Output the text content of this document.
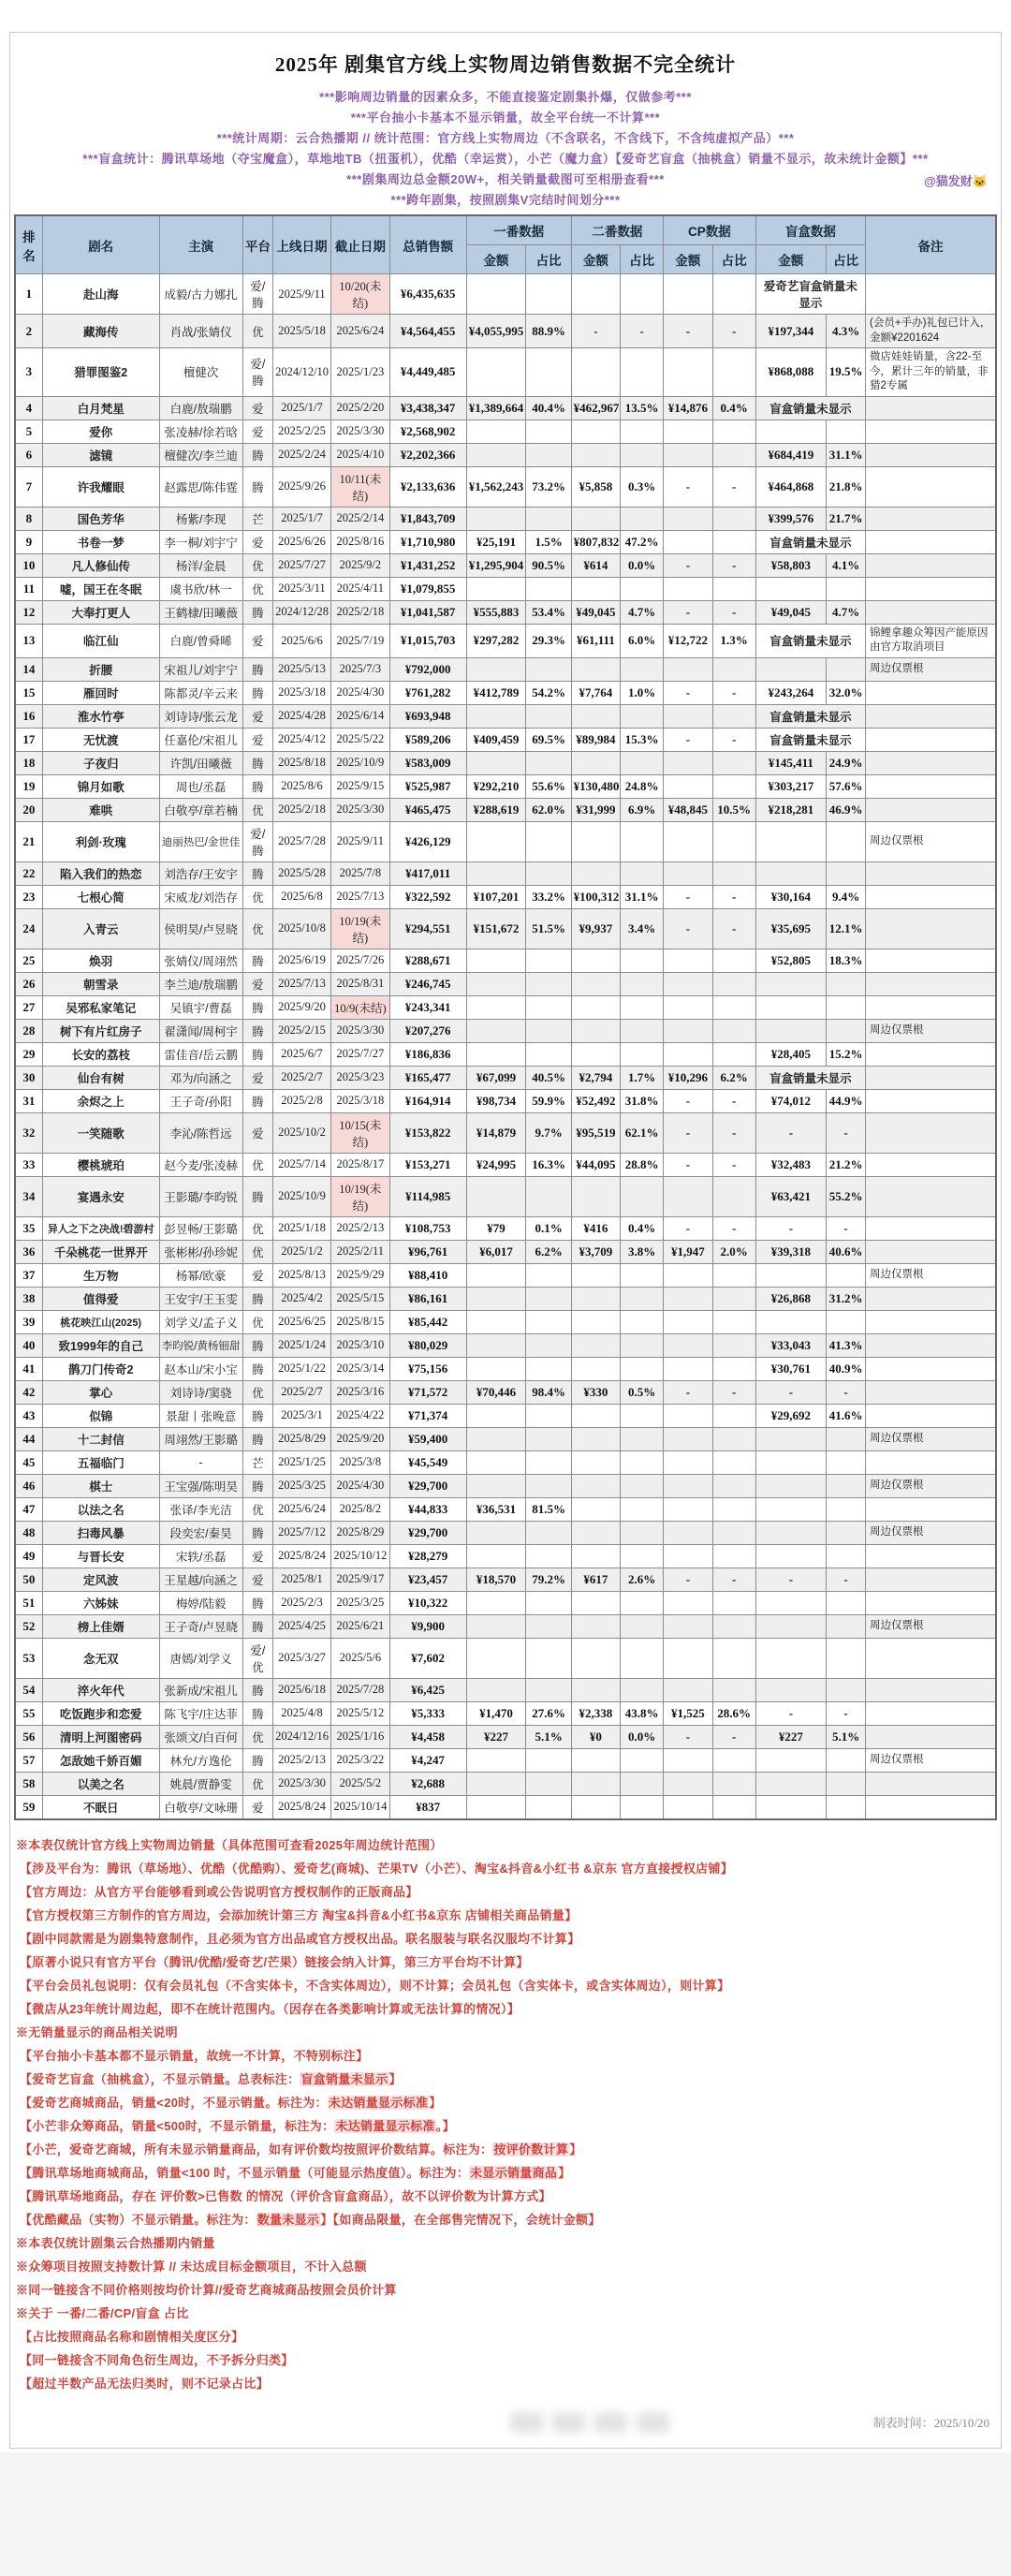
2025年 剧集官方线上实物周边销售数据不完全统计
***影响周边销量的因素众多，不能直接鉴定剧集扑爆，仅做参考***
***平台抽小卡基本不显示销量，故全平台统一不计算***
***统计周期：云合热播期 // 统计范围：官方线上实物周边（不含联名，不含线下，不含纯虚拟产品）***
***盲盒统计：腾讯草场地（夺宝魔盒），草地地TB（扭蛋机），优酷（幸运赏），小芒（魔力盒）【爱奇艺盲盒（抽桃盒）销量不显示，故未统计金额】***
***剧集周边总金额20W+，相关销量截图可至相册查看***
***跨年剧集，按照剧集V完结时间划分***
@猫发财🐱
排名	剧名	主演	平台	上线日期	截止日期	总销售额	一番数据		二番数据		CP数据		盲盒数据		备注
							金额	占比	金额	占比	金额	占比	金额	占比	
1	赴山海	成毅/古力娜扎	爱/腾	2025/9/11	10/20(未结)	¥6,435,635							爱奇艺盲盒销量未显示		
2	藏海传	肖战/张婧仪	优	2025/5/18	2025/6/24	¥4,564,455	¥4,055,995	88.9%	-	-	-	-	¥197,344	4.3%	(会员+手办)礼包已计入，金额¥2201624
3	猎罪图鉴2	檀健次	爱/腾	2024/12/10	2025/1/23	¥4,449,485							¥868,088	19.5%	微店娃娃销量，含22-至今，累计三年的销量，非猎2专属
4	白月梵星	白鹿/敖瑞鹏	爱	2025/1/7	2025/2/20	¥3,438,347	¥1,389,664	40.4%	¥462,967	13.5%	¥14,876	0.4%	盲盒销量未显示		
5	爱你	张凌赫/徐若晗	爱	2025/2/25	2025/3/30	¥2,568,902									
6	滤镜	檀健次/李兰迪	腾	2025/2/24	2025/4/10	¥2,202,366							¥684,419	31.1%	
7	许我耀眼	赵露思/陈伟霆	腾	2025/9/26	10/11(未结)	¥2,133,636	¥1,562,243	73.2%	¥5,858	0.3%	-	-	¥464,868	21.8%	
8	国色芳华	杨紫/李现	芒	2025/1/7	2025/2/14	¥1,843,709							¥399,576	21.7%	
9	书卷一梦	李一桐/刘宇宁	爱	2025/6/26	2025/8/16	¥1,710,980	¥25,191	1.5%	¥807,832	47.2%			盲盒销量未显示		
10	凡人修仙传	杨洋/金晨	优	2025/7/27	2025/9/2	¥1,431,252	¥1,295,904	90.5%	¥614	0.0%	-	-	¥58,803	4.1%	
11	嘘，国王在冬眠	虞书欣/林一	优	2025/3/11	2025/4/11	¥1,079,855									
12	大奉打更人	王鹤棣/田曦薇	腾	2024/12/28	2025/2/18	¥1,041,587	¥555,883	53.4%	¥49,045	4.7%	-	-	¥49,045	4.7%	
13	临江仙	白鹿/曾舜晞	爱	2025/6/6	2025/7/19	¥1,015,703	¥297,282	29.3%	¥61,111	6.0%	¥12,722	1.3%	盲盒销量未显示		锦鲤拿趣众筹因产能原因由官方取消项目
14	折腰	宋祖儿/刘宇宁	腾	2025/5/13	2025/7/3	¥792,000									周边仅票根
15	雁回时	陈都灵/辛云来	腾	2025/3/18	2025/4/30	¥761,282	¥412,789	54.2%	¥7,764	1.0%	-	-	¥243,264	32.0%	
16	淮水竹亭	刘诗诗/张云龙	爱	2025/4/28	2025/6/14	¥693,948							盲盒销量未显示		
17	无忧渡	任嘉伦/宋祖儿	爱	2025/4/12	2025/5/22	¥589,206	¥409,459	69.5%	¥89,984	15.3%	-	-	盲盒销量未显示		
18	子夜归	许凯/田曦薇	腾	2025/8/18	2025/10/9	¥583,009							¥145,411	24.9%	
19	锦月如歌	周也/丞磊	腾	2025/8/6	2025/9/15	¥525,987	¥292,210	55.6%	¥130,480	24.8%			¥303,217	57.6%	
20	难哄	白敬亭/章若楠	优	2025/2/18	2025/3/30	¥465,475	¥288,619	62.0%	¥31,999	6.9%	¥48,845	10.5%	¥218,281	46.9%	
21	利剑·玫瑰	迪丽热巴/金世佳	爱/腾	2025/7/28	2025/9/11	¥426,129									周边仅票根
22	陷入我们的热恋	刘浩存/王安宇	腾	2025/5/28	2025/7/8	¥417,011									
23	七根心简	宋威龙/刘浩存	优	2025/6/8	2025/7/13	¥322,592	¥107,201	33.2%	¥100,312	31.1%	-	-	¥30,164	9.4%	
24	入青云	侯明昊/卢昱晓	优	2025/10/8	10/19(未结)	¥294,551	¥151,672	51.5%	¥9,937	3.4%	-	-	¥35,695	12.1%	
25	焕羽	张婧仪/周翊然	腾	2025/6/19	2025/7/26	¥288,671							¥52,805	18.3%	
26	朝雪录	李兰迪/敖瑞鹏	爱	2025/7/13	2025/8/31	¥246,745									
27	吴邪私家笔记	吴镇宇/曹磊	腾	2025/9/20	10/9(未结)	¥243,341									
28	树下有片红房子	翟潇闻/周柯宇	腾	2025/2/15	2025/3/30	¥207,276									周边仅票根
29	长安的荔枝	雷佳音/岳云鹏	腾	2025/6/7	2025/7/27	¥186,836							¥28,405	15.2%	
30	仙台有树	邓为/向涵之	爱	2025/2/7	2025/3/23	¥165,477	¥67,099	40.5%	¥2,794	1.7%	¥10,296	6.2%	盲盒销量未显示		
31	余烬之上	王子奇/孙阳	腾	2025/2/8	2025/3/18	¥164,914	¥98,734	59.9%	¥52,492	31.8%	-	-	¥74,012	44.9%	
32	一笑随歌	李沁/陈哲远	爱	2025/10/2	10/15(未结)	¥153,822	¥14,879	9.7%	¥95,519	62.1%	-	-	-	-	
33	樱桃琥珀	赵今麦/张凌赫	优	2025/7/14	2025/8/17	¥153,271	¥24,995	16.3%	¥44,095	28.8%	-	-	¥32,483	21.2%	
34	宴遇永安	王影璐/李昀锐	腾	2025/10/9	10/19(未结)	¥114,985							¥63,421	55.2%	
35	异人之下之决战!碧游村	彭昱畅/王影璐	优	2025/1/18	2025/2/13	¥108,753	¥79	0.1%	¥416	0.4%	-	-	-	-	
36	千朵桃花一世界开	张彬彬/孙珍妮	优	2025/1/2	2025/2/11	¥96,761	¥6,017	6.2%	¥3,709	3.8%	¥1,947	2.0%	¥39,318	40.6%	
37	生万物	杨幂/欧豪	爱	2025/8/13	2025/9/29	¥88,410									周边仅票根
38	值得爱	王安宇/王玉雯	腾	2025/4/2	2025/5/15	¥86,161							¥26,868	31.2%	
39	桃花映江山(2025)	刘学义/孟子义	优	2025/6/25	2025/8/15	¥85,442									
40	致1999年的自己	李昀锐/黄杨钿甜	腾	2025/1/24	2025/3/10	¥80,029							¥33,043	41.3%	
41	鹊刀门传奇2	赵本山/宋小宝	腾	2025/1/22	2025/3/14	¥75,156							¥30,761	40.9%	
42	掌心	刘诗诗/窦骁	优	2025/2/7	2025/3/16	¥71,572	¥70,446	98.4%	¥330	0.5%	-	-	-	-	
43	似锦	景甜丨张晚意	腾	2025/3/1	2025/4/22	¥71,374							¥29,692	41.6%	
44	十二封信	周翊然/王影璐	腾	2025/8/29	2025/9/20	¥59,400									周边仅票根
45	五福临门	-	芒	2025/1/25	2025/3/8	¥45,549									
46	棋士	王宝强/陈明昊	腾	2025/3/25	2025/4/30	¥29,700									周边仅票根
47	以法之名	张译/李光洁	优	2025/6/24	2025/8/2	¥44,833	¥36,531	81.5%							
48	扫毒风暴	段奕宏/秦昊	腾	2025/7/12	2025/8/29	¥29,700									周边仅票根
49	与晋长安	宋轶/丞磊	爱	2025/8/24	2025/10/12	¥28,279									
50	定风波	王星越/向涵之	爱	2025/8/1	2025/9/17	¥23,457	¥18,570	79.2%	¥617	2.6%	-	-	-	-	
51	六姊妹	梅婷/陆毅	腾	2025/2/3	2025/3/25	¥10,322									
52	榜上佳婿	王子奇/卢昱晓	腾	2025/4/25	2025/6/21	¥9,900									周边仅票根
53	念无双	唐嫣/刘学义	爱/优	2025/3/27	2025/5/6	¥7,602									
54	淬火年代	张新成/宋祖儿	腾	2025/6/18	2025/7/28	¥6,425									
55	吃饭跑步和恋爱	陈飞宇/庄达菲	腾	2025/4/8	2025/5/12	¥5,333	¥1,470	27.6%	¥2,338	43.8%	¥1,525	28.6%	-	-	
56	清明上河图密码	张颂文/白百何	优	2024/12/16	2025/1/16	¥4,458	¥227	5.1%	¥0	0.0%	-	-	¥227	5.1%	
57	怎敌她千娇百媚	林允/方逸伦	腾	2025/2/13	2025/3/22	¥4,247									周边仅票根
58	以美之名	姚晨/贾静雯	优	2025/3/30	2025/5/2	¥2,688									
59	不眠日	白敬亭/文咏珊	爱	2025/8/24	2025/10/14	¥837									
※本表仅统计官方线上实物周边销量（具体范围可查看2025年周边统计范围）
【涉及平台为：腾讯（草场地）、优酷（优酷购）、爱奇艺(商城)、芒果TV（小芒）、淘宝&抖音&小红书 &京东 官方直接授权店铺】
【官方周边：从官方平台能够看到或公告说明官方授权制作的正版商品】
【官方授权第三方制作的官方周边，会添加统计第三方 淘宝&抖音&小红书&京东 店铺相关商品销量】
【剧中同款需是为剧集特意制作，且必须为官方出品或官方授权出品。联名服装与联名汉服均不计算】
【原著小说只有官方平台（腾讯/优酷/爱奇艺/芒果）链接会纳入计算，第三方平台均不计算】
【平台会员礼包说明：仅有会员礼包（不含实体卡，不含实体周边），则不计算；会员礼包（含实体卡，或含实体周边），则计算】
【微店从23年统计周边起，即不在统计范围内。（因存在各类影响计算或无法计算的情况）】
※无销量显示的商品相关说明
【平台抽小卡基本都不显示销量，故统一不计算，不特别标注】
【爱奇艺盲盒（抽桃盒），不显示销量。总表标注：盲盒销量未显示】
【爱奇艺商城商品，销量<20时，不显示销量。标注为：未达销量显示标准】
【小芒非众筹商品，销量<500时，不显示销量，标注为：未达销量显示标准。】
【小芒，爱奇艺商城，所有未显示销量商品，如有评价数均按照评价数结算。标注为：按评价数计算】
【腾讯草场地商城商品，销量<100 时，不显示销量（可能显示热度值）。标注为：未显示销量商品】
【腾讯草场地商品，存在 评价数>已售数 的情况（评价含盲盒商品），故不以评价数为计算方式】
【优酷藏品（实物）不显示销量。标注为：数量未显示】【如商品限量，在全部售完情况下，会统计金额】
※本表仅统计剧集云合热播期内销量
※众筹项目按照支持数计算 // 未达成目标金额项目，不计入总额
※同一链接含不同价格则按均价计算//爱奇艺商城商品按照会员价计算
※关于 一番/二番/CP/盲盒 占比
【占比按照商品名称和剧情相关度区分】
【同一链接含不同角色衍生周边，不予拆分归类】
【超过半数产品无法归类时，则不记录占比】
制表时间：2025/10/20
